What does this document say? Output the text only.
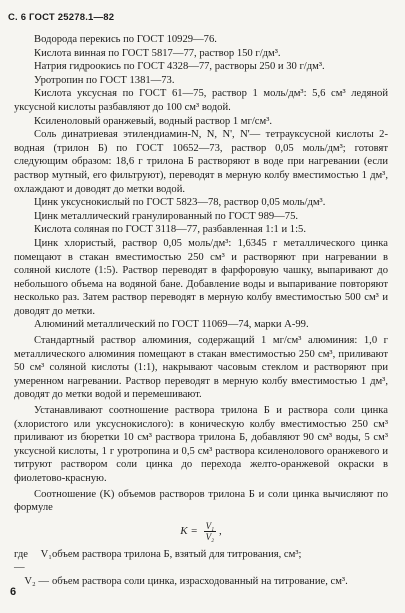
С. 6 ГОСТ 25278.1—82

Водорода перекись по ГОСТ 10929—76.

Кислота винная по ГОСТ 5817—77, раствор 150 г/дм³.

Натрия гидроокись по ГОСТ 4328—77, растворы 250 и 30 г/дм³.

Уротропин по ГОСТ 1381—73.

Кислота уксусная по ГОСТ 61—75, раствор 1 моль/дм³: 5,6 см³ ледяной уксусной кислоты разбавляют до 100 см³ водой.

Ксиленоловый оранжевый, водный раствор 1 мг/см³.

Соль динатриевая этилендиамин-N, N, N', N'— тетрауксусной кислоты 2-водная (трилон Б) по ГОСТ 10652—73, раствор 0,05 моль/дм³; готовят следующим образом: 18,6 г трилона Б растворяют в воде при нагревании (если раствор мутный, его фильтруют), переводят в мерную колбу вместимостью 1 дм³, охлаждают и доводят до метки водой.

Цинк уксуснокислый по ГОСТ 5823—78, раствор 0,05 моль/дм³.

Цинк металлический гранулированный по ГОСТ 989—75.

Кислота соляная по ГОСТ 3118—77, разбавленная 1:1 и 1:5.

Цинк хлористый, раствор 0,05 моль/дм³: 1,6345 г металлического цинка помещают в стакан вместимостью 250 см³ и растворяют при нагревании в соляной кислоте (1:5). Раствор переводят в фарфоровую чашку, выпаривают до небольшого объема на водяной бане. Добавление воды и выпаривание повторяют несколько раз. Затем раствор переводят в мерную колбу вместимостью 500 см³ и доводят до метки.

Алюминий металлический по ГОСТ 11069—74, марки А-99.

Стандартный раствор алюминия, содержащий 1 мг/см³ алюминия: 1,0 г металлического алюминия помещают в стакан вместимостью 250 см³, приливают 50 см³ соляной кислоты (1:1), накрывают часовым стеклом и растворяют при умеренном нагревании. Раствор переводят в мерную колбу вместимостью 1 дм³, доводят до метки водой и перемешивают.

Устанавливают соотношение раствора трилона Б и раствора соли цинка (хлористого или уксуснокислого): в коническую колбу вместимостью 250 см³ приливают из бюретки 10 см³ раствора трилона Б, добавляют 90 см³ воды, 5 см³ уксусной кислоты, 1 г уротропина и 0,5 см³ раствора ксиленолового оранжевого и титруют раствором соли цинка до перехода желто-оранжевой окраски в фиолетово-красную.

Соотношение (K) объемов растворов трилона Б и соли цинка вычисляют по формуле

$K = \frac{\text{V₁}}{\text{V₂}}$ ,
где V₁ —
объем раствора трилона Б, взятый для титрования, см³;
V₂ — объем раствора соли цинка, израсходованный на титрование, см³.
6
